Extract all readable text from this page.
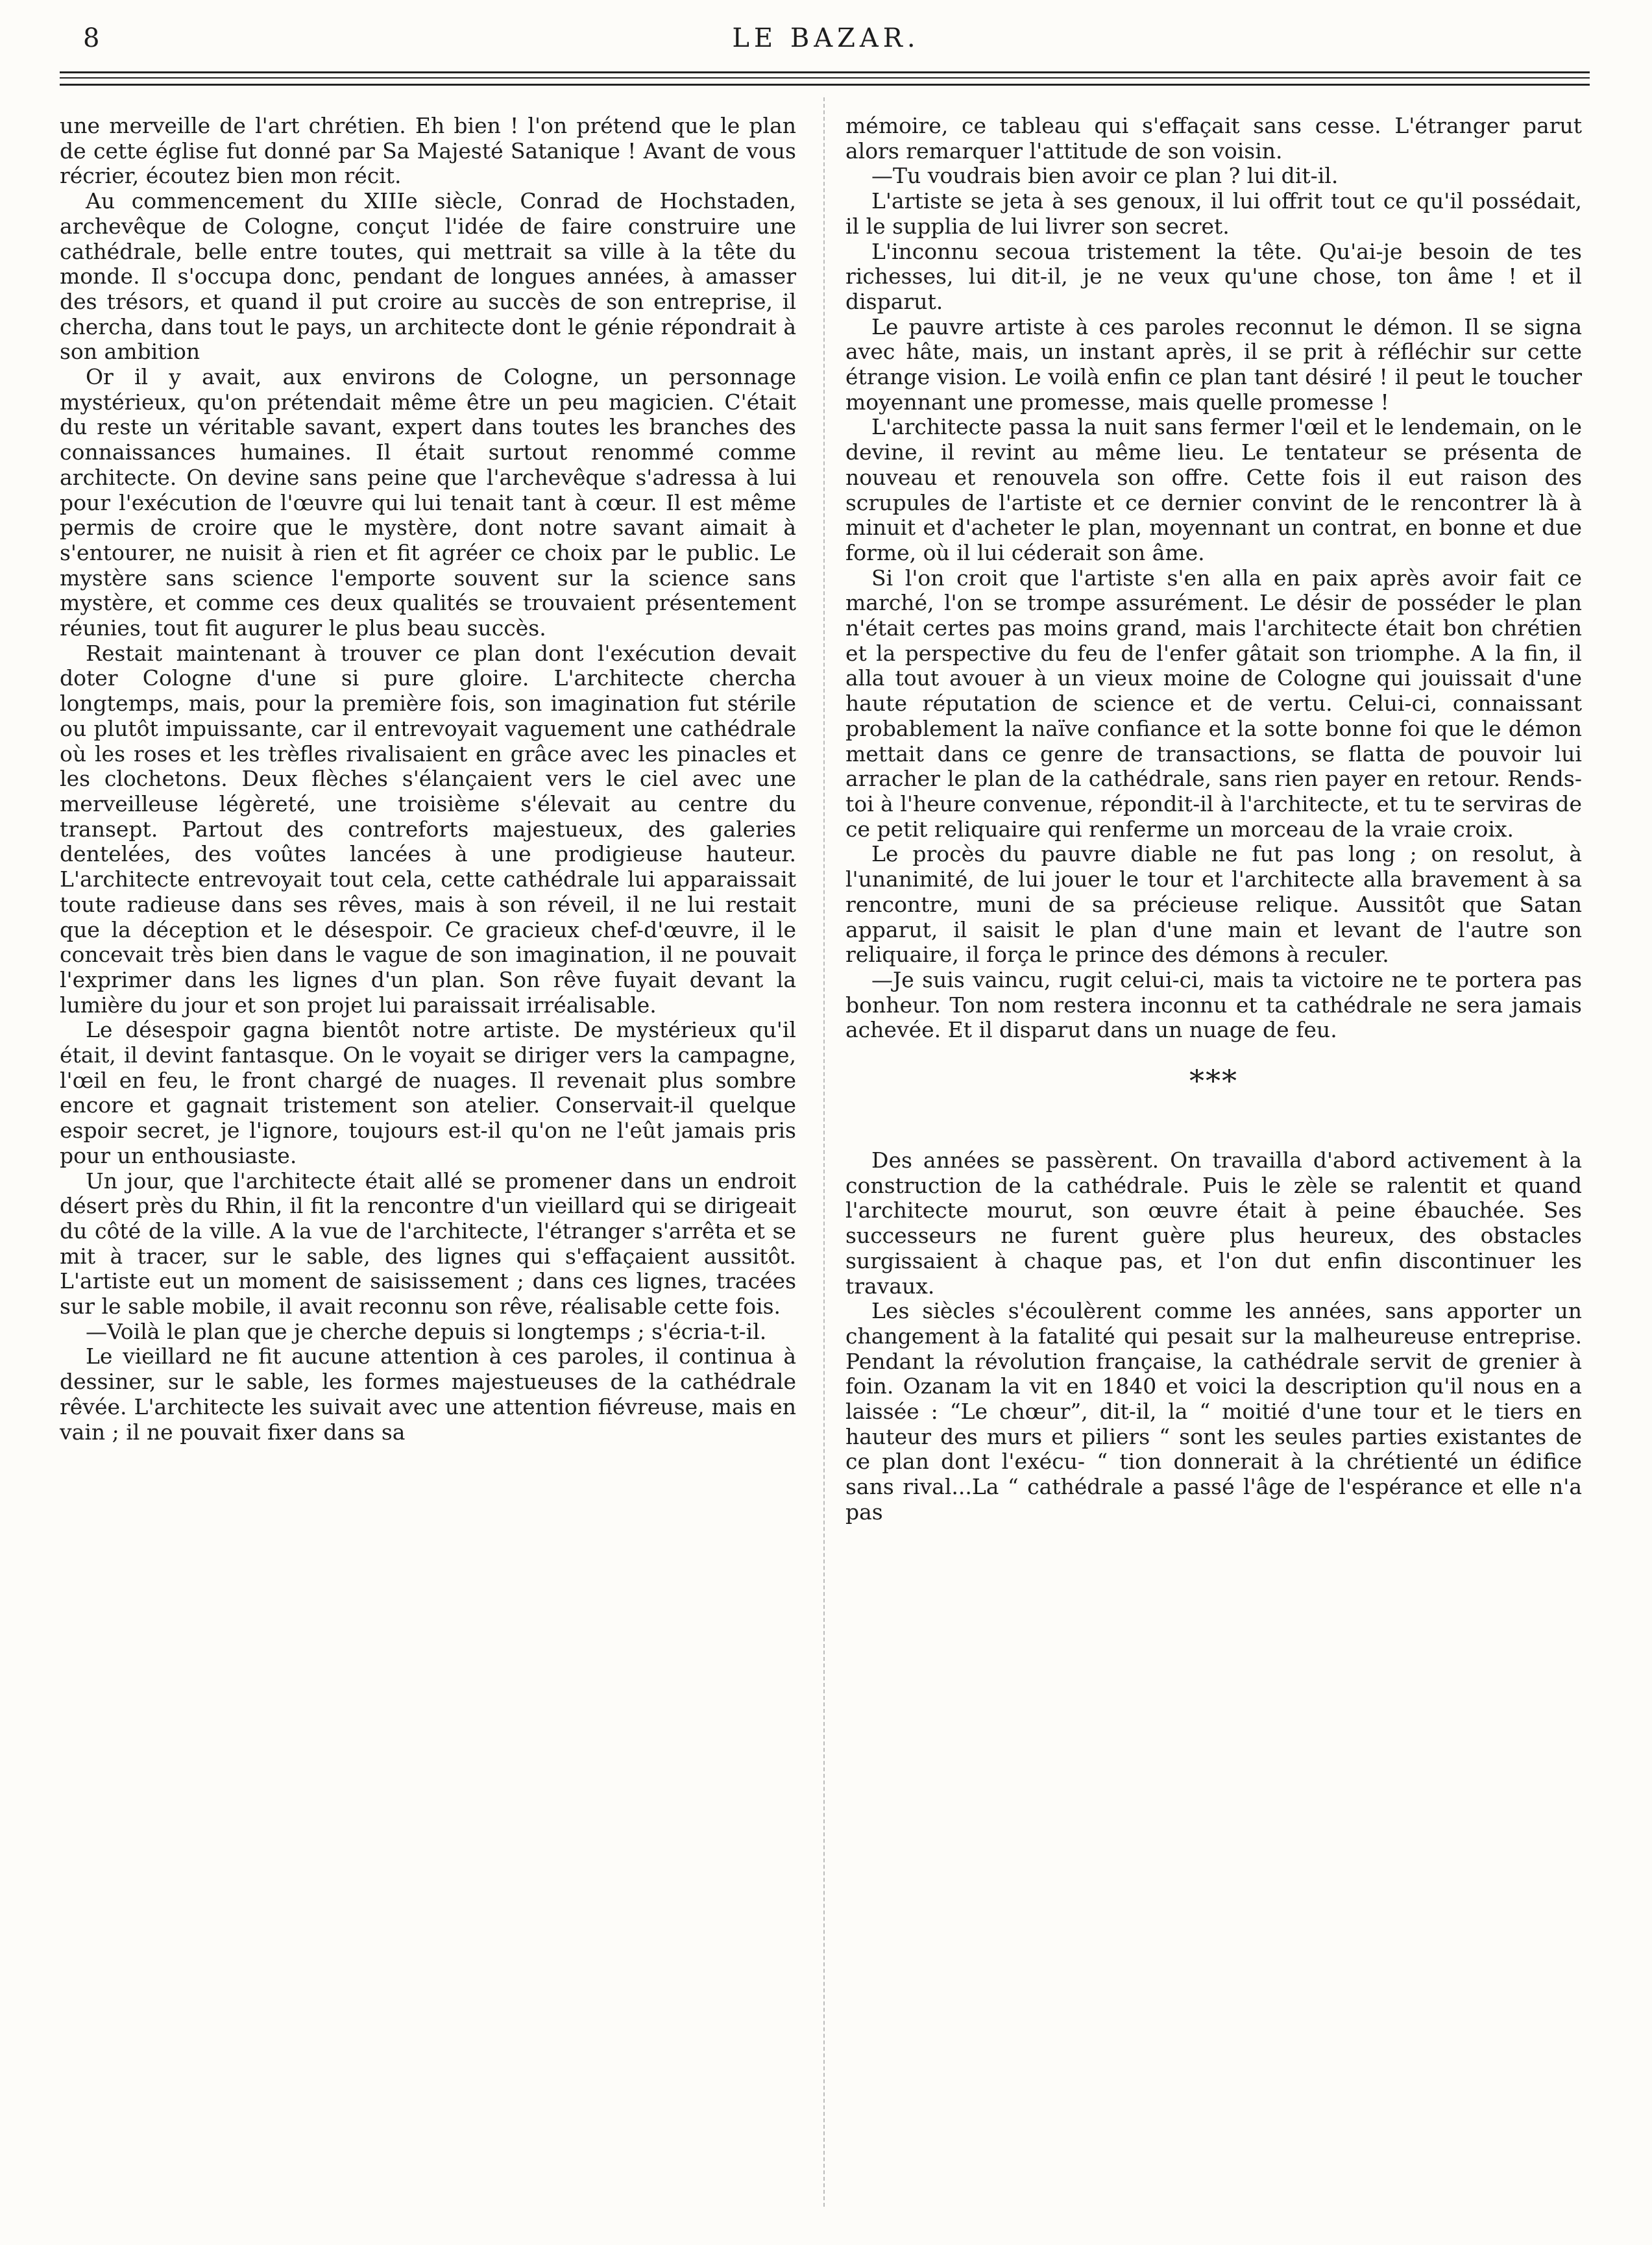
8	LE BAZAR.

une merveille de l'art chrétien. Eh bien ! l'on prétend que le plan de cette église fut donné par Sa Majesté Satanique ! Avant de vous récrier, écoutez bien mon récit.

Au commencement du XIIIe siècle, Conrad de Hochstaden, archevêque de Cologne, conçut l'idée de faire construire une cathédrale, belle entre toutes, qui mettrait sa ville à la tête du monde. Il s'occupa donc, pendant de longues années, à amasser des trésors, et quand il put croire au succès de son entreprise, il chercha, dans tout le pays, un architecte dont le génie répondrait à son ambition

Or il y avait, aux environs de Cologne, un personnage mystérieux, qu'on prétendait même être un peu magicien. C'était du reste un véritable savant, expert dans toutes les branches des connaissances humaines. Il était surtout renommé comme architecte. On devine sans peine que l'archevêque s'adressa à lui pour l'exécution de l'œuvre qui lui tenait tant à cœur. Il est même permis de croire que le mystère, dont notre savant aimait à s'entourer, ne nuisit à rien et fit agréer ce choix par le public. Le mystère sans science l'emporte souvent sur la science sans mystère, et comme ces deux qualités se trouvaient présentement réunies, tout fit augurer le plus beau succès.

Restait maintenant à trouver ce plan dont l'exécution devait doter Cologne d'une si pure gloire. L'architecte chercha longtemps, mais, pour la première fois, son imagination fut stérile ou plutôt impuissante, car il entrevoyait vaguement une cathédrale où les roses et les trèfles rivalisaient en grâce avec les pinacles et les clochetons. Deux flèches s'élançaient vers le ciel avec une merveilleuse légèreté, une troisième s'élevait au centre du transept. Partout des contreforts majestueux, des galeries dentelées, des voûtes lancées à une prodigieuse hauteur. L'architecte entrevoyait tout cela, cette cathédrale lui apparaissait toute radieuse dans ses rêves, mais à son réveil, il ne lui restait que la déception et le désespoir. Ce gracieux chef-d'œuvre, il le concevait très bien dans le vague de son imagination, il ne pouvait l'exprimer dans les lignes d'un plan. Son rêve fuyait devant la lumière du jour et son projet lui paraissait irréalisable.

Le désespoir gagna bientôt notre artiste. De mystérieux qu'il était, il devint fantasque. On le voyait se diriger vers la campagne, l'œil en feu, le front chargé de nuages. Il revenait plus sombre encore et gagnait tristement son atelier. Conservait-il quelque espoir secret, je l'ignore, toujours est-il qu'on ne l'eût jamais pris pour un enthousiaste.

Un jour, que l'architecte était allé se promener dans un endroit désert près du Rhin, il fit la rencontre d'un vieillard qui se dirigeait du côté de la ville. A la vue de l'architecte, l'étranger s'arrêta et se mit à tracer, sur le sable, des lignes qui s'effaçaient aussitôt. L'artiste eut un moment de saisissement ; dans ces lignes, tracées sur le sable mobile, il avait reconnu son rêve, réalisable cette fois.

—Voilà le plan que je cherche depuis si longtemps ; s'écria-t-il.

Le vieillard ne fit aucune attention à ces paroles, il continua à dessiner, sur le sable, les formes majestueuses de la cathédrale rêvée. L'architecte les suivait avec une attention fiévreuse, mais en vain ; il ne pouvait fixer dans sa

mémoire, ce tableau qui s'effaçait sans cesse. L'étranger parut alors remarquer l'attitude de son voisin.

—Tu voudrais bien avoir ce plan ? lui dit-il.

L'artiste se jeta à ses genoux, il lui offrit tout ce qu'il possédait, il le supplia de lui livrer son secret.

L'inconnu secoua tristement la tête. Qu'ai-je besoin de tes richesses, lui dit-il, je ne veux qu'une chose, ton âme ! et il disparut.

Le pauvre artiste à ces paroles reconnut le démon. Il se signa avec hâte, mais, un instant après, il se prit à réfléchir sur cette étrange vision. Le voilà enfin ce plan tant désiré ! il peut le toucher moyennant une promesse, mais quelle promesse !

L'architecte passa la nuit sans fermer l'œil et le lendemain, on le devine, il revint au même lieu. Le tentateur se présenta de nouveau et renouvela son offre. Cette fois il eut raison des scrupules de l'artiste et ce dernier convint de le rencontrer là à minuit et d'acheter le plan, moyennant un contrat, en bonne et due forme, où il lui céderait son âme.

Si l'on croit que l'artiste s'en alla en paix après avoir fait ce marché, l'on se trompe assurément. Le désir de posséder le plan n'était certes pas moins grand, mais l'architecte était bon chrétien et la perspective du feu de l'enfer gâtait son triomphe. A la fin, il alla tout avouer à un vieux moine de Cologne qui jouissait d'une haute réputation de science et de vertu. Celui-ci, connaissant probablement la naïve confiance et la sotte bonne foi que le démon mettait dans ce genre de transactions, se flatta de pouvoir lui arracher le plan de la cathédrale, sans rien payer en retour. Rends-toi à l'heure convenue, répondit-il à l'architecte, et tu te serviras de ce petit reliquaire qui renferme un morceau de la vraie croix.

Le procès du pauvre diable ne fut pas long ; on resolut, à l'unanimité, de lui jouer le tour et l'architecte alla bravement à sa rencontre, muni de sa précieuse relique. Aussitôt que Satan apparut, il saisit le plan d'une main et levant de l'autre son reliquaire, il força le prince des démons à reculer.

—Je suis vaincu, rugit celui-ci, mais ta victoire ne te portera pas bonheur. Ton nom restera inconnu et ta cathédrale ne sera jamais achevée. Et il disparut dans un nuage de feu.

***

Des années se passèrent. On travailla d'abord activement à la construction de la cathédrale. Puis le zèle se ralentit et quand l'architecte mourut, son œuvre était à peine ébauchée. Ses successeurs ne furent guère plus heureux, des obstacles surgissaient à chaque pas, et l'on dut enfin discontinuer les travaux.

Les siècles s'écoulèrent comme les années, sans apporter un changement à la fatalité qui pesait sur la malheureuse entreprise. Pendant la révolution française, la cathédrale servit de grenier à foin. Ozanam la vit en 1840 et voici la description qu'il nous en a laissée : “Le chœur”, dit-il, la “ moitié d'une tour et le tiers en hauteur des murs et piliers “ sont les seules parties existantes de ce plan dont l'exécu- “ tion donnerait à la chrétienté un édifice sans rival...La “ cathédrale a passé l'âge de l'espérance et elle n'a pas
